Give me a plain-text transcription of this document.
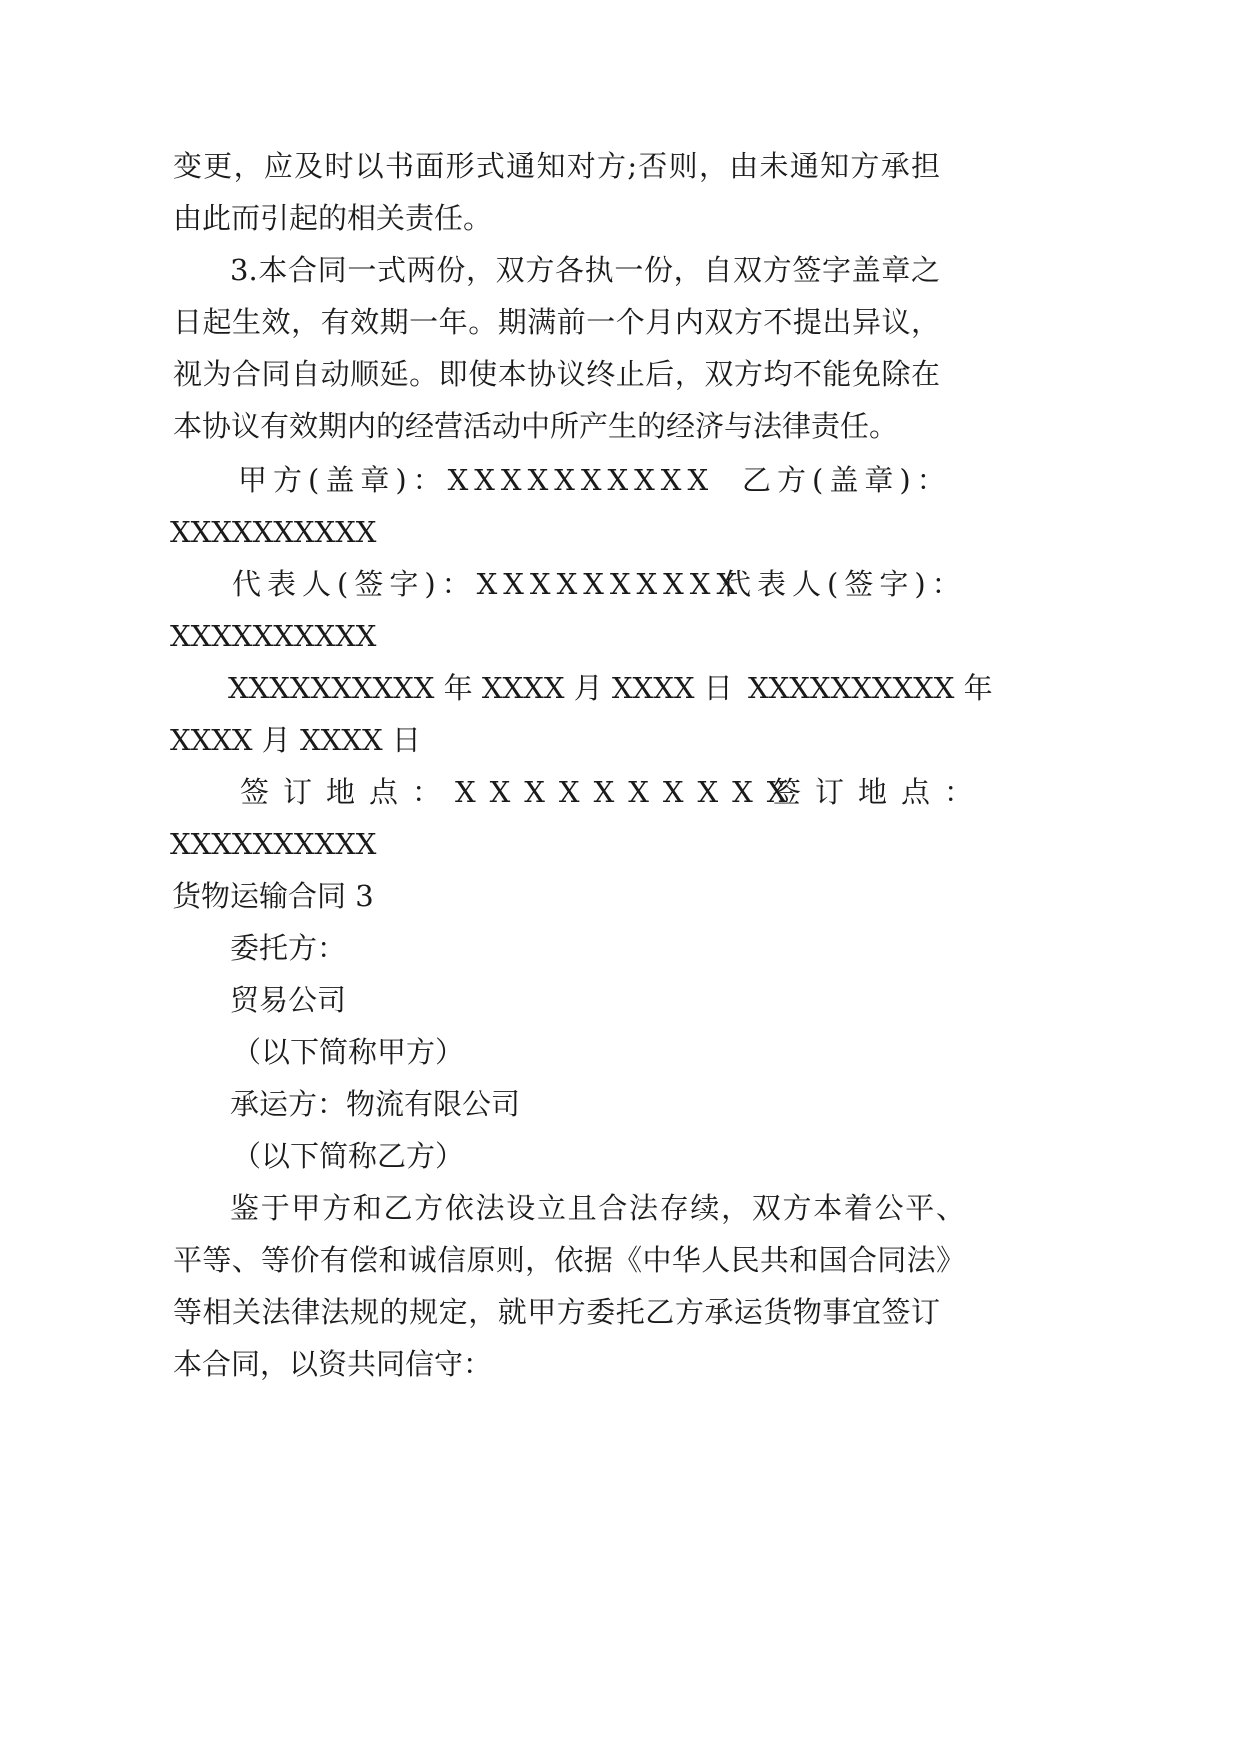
变更，应及时以书面形式通知对方;否则，由未通知方承担
由此而引起的相关责任。
3.本合同一式两份，双方各执一份，自双方签字盖章之
日起生效，有效期一年。期满前一个月内双方不提出异议，
视为合同自动顺延。即使本协议终止后，双方均不能免除在
本协议有效期内的经营活动中所产生的经济与法律责任。
甲方(盖章)：XXXXXXXXXX 乙方(盖章)：
XXXXXXXXXX
代表人(签字)：XXXXXXXXXX
代表人(签字)：
XXXXXXXXXX
XXXXXXXXXX 年 XXXX 月 XXXX 日 XXXXXXXXXX 年
XXXX 月 XXXX 日
签订地点：XXXXXXXXXX
签订地点：
XXXXXXXXXX
货物运输合同 3
委托方：
贸易公司
（以下简称甲方）
承运方：物流有限公司
（以下简称乙方）
鉴于甲方和乙方依法设立且合法存续，双方本着公平、
平等、等价有偿和诚信原则，依据《中华人民共和国合同法》
等相关法律法规的规定，就甲方委托乙方承运货物事宜签订
本合同，以资共同信守：
